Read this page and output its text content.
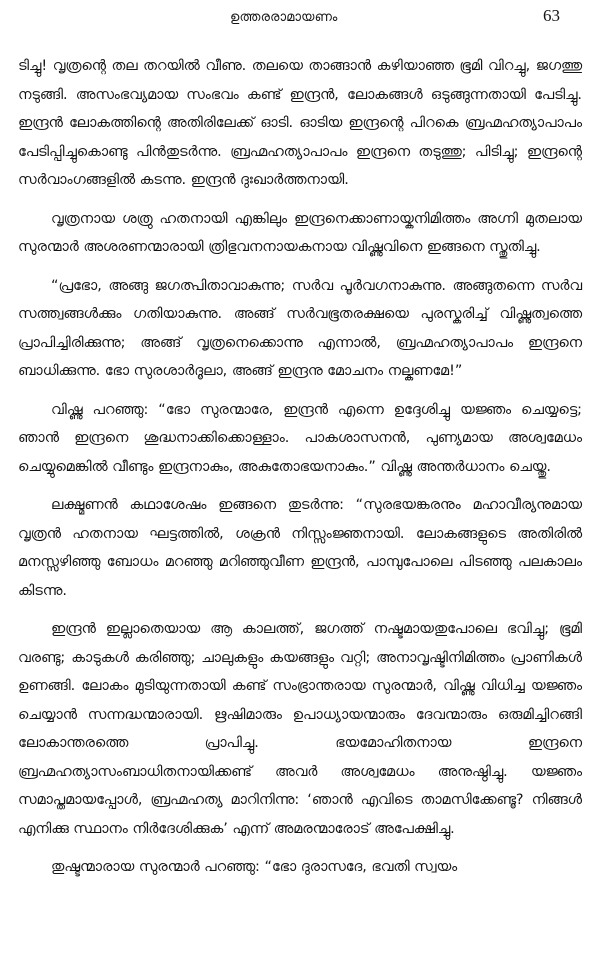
ഉത്തരരാമായണം	63

ടിച്ചു! വൃത്രന്റെ തല തറയിൽ വീണു. തലയെ താങ്ങാൻ കഴിയാഞ്ഞ ഭൂമി വിറച്ചു, ജഗത്തു നടുങ്ങി. അസംഭവ്യമായ സംഭവം കണ്ട് ഇന്ദ്രൻ, ലോകങ്ങൾ ഒടുങ്ങുന്നതായി പേടിച്ചു. ഇന്ദ്രൻ ലോകത്തിന്റെ അതിരിലേക്ക് ഓടി. ഓടിയ ഇന്ദ്രന്റെ പിറകെ ബ്രഹ്മഹത്യാപാപം പേടിപ്പിച്ചുകൊണ്ടു പിൻതുടർന്നു. ബ്രഹ്മഹത്യാപാപം ഇന്ദ്രനെ തടുത്തു; പിടിച്ചു; ഇന്ദ്രന്റെ സർവാംഗങ്ങളിൽ കടന്നു. ഇന്ദ്രൻ ദുഃഖാർത്തനായി.

വൃത്രനായ ശത്രു ഹതനായി എങ്കിലും ഇന്ദ്രനെക്കാണായ്കനിമിത്തം അഗ്നി മുതലായ സുരന്മാർ അശരണന്മാരായി ത്രിഭുവനനായകനായ വിഷ്ണുവിനെ ഇങ്ങനെ സ്തുതിച്ചു.

“പ്രഭോ, അങ്ങു ജഗത്പിതാവാകുന്നു; സർവ പൂർവഗനാകുന്നു. അങ്ങുതന്നെ സർവ സത്ത്വങ്ങൾക്കും ഗതിയാകുന്നു. അങ്ങ് സർവഭൂതരക്ഷയെ പുരസ്കരിച്ച് വിഷ്ണുത്വത്തെ പ്രാപിച്ചിരിക്കുന്നു; അങ്ങ് വൃത്രനെക്കൊന്നു എന്നാൽ, ബ്രഹ്മഹത്യാപാപം ഇന്ദ്രനെ ബാധിക്കുന്നു. ഭോ സുരശാർദൂലാ, അങ്ങ് ഇന്ദ്രനു മോചനം നല്കണമേ!”

വിഷ്ണു പറഞ്ഞു: “ഭോ സുരന്മാരേ, ഇന്ദ്രൻ എന്നെ ഉദ്ദേശിച്ചു യജ്ഞം ചെയ്യട്ടെ; ഞാൻ ഇന്ദ്രനെ ശുദ്ധനാക്കിക്കൊള്ളാം. പാകശാസനൻ, പുണ്യമായ അശ്വമേധം ചെയ്യുമെങ്കിൽ വീണ്ടും ഇന്ദ്രനാകും, അകുതോഭയനാകും.” വിഷ്ണു അന്തർധാനം ചെയ്തു.

ലക്ഷ്മണൻ കഥാശേഷം ഇങ്ങനെ തുടർന്നു: “സുരഭയങ്കരനും മഹാവീര്യനുമായ വൃത്രൻ ഹതനായ ഘട്ടത്തിൽ, ശക്രൻ നിസ്സംജ്ഞനായി. ലോകങ്ങളുടെ അതിരിൽ മനസ്സഴിഞ്ഞു ബോധം മറഞ്ഞു മറിഞ്ഞുവീണ ഇന്ദ്രൻ, പാമ്പുപോലെ പിടഞ്ഞു പലകാലം കിടന്നു.

ഇന്ദ്രൻ ഇല്ലാതെയായ ആ കാലത്ത്, ജഗത്ത് നഷ്ടമായതുപോലെ ഭവിച്ചു; ഭൂമി വരണ്ടു; കാടുകൾ കരിഞ്ഞു; ചാലുകളും കയങ്ങളും വറ്റി; അനാവൃഷ്ടിനിമിത്തം പ്രാണികൾ ഉണങ്ങി. ലോകം മുടിയുന്നതായി കണ്ട് സംഭ്രാന്തരായ സുരന്മാർ, വിഷ്ണു വിധിച്ച യജ്ഞം ചെയ്യാൻ സന്നദ്ധന്മാരായി. ഋഷിമാരും ഉപാധ്യായന്മാരും ദേവന്മാരും ഒരുമിച്ചിറങ്ങി ലോകാന്തരത്തെ പ്രാപിച്ചു. ഭയമോഹിതനായ ഇന്ദ്രനെ ബ്രഹ്മഹത്യാസംബാധിതനായിക്കണ്ട് അവർ അശ്വമേധം അനുഷ്ഠിച്ചു. യജ്ഞം സമാപ്തമായപ്പോൾ, ബ്രഹ്മഹത്യ മാറിനിന്നു: ‘ഞാൻ എവിടെ താമസിക്കേണ്ടൂ? നിങ്ങൾ എനിക്കു സ്ഥാനം നിർദേശിക്കുക’ എന്ന് അമരന്മാരോട് അപേക്ഷിച്ചു.

തുഷ്ടന്മാരായ സുരന്മാർ പറഞ്ഞു: “ഭോ ദുരാസദേ, ഭവതി സ്വയം
